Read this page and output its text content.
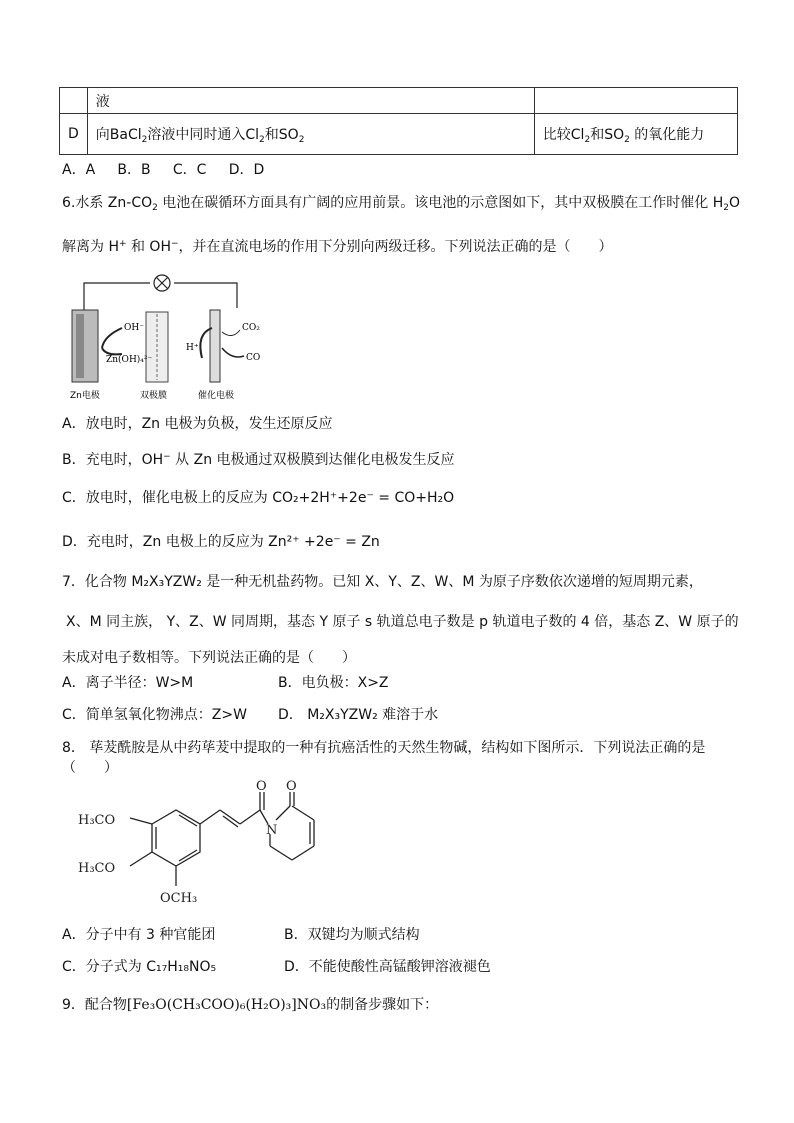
	液	
D	向BaCl$_2$溶液中同时通入$Cl_2$和$SO_2$	比较$Cl_2$和$SO_2$ 的氧化能力
A．A B．B C．C D．D
6.水系 $Zn-CO_2$ 电池在碳循环方面具有广阔的应用前景。该电池的示意图如下，其中双极膜在工作时催化 $H_2O$
解离为 H+ 和 OH−，并在直流电场的作用下分别向两级迁移。下列说法正确的是（　　）
OH⁻
Zn(OH)₄²⁻
H⁺
CO₂
CO
Zn电极	双极膜	催化电极
A．放电时，Zn 电极为负极，发生还原反应
B．充电时，OH− 从 Zn 电极通过双极膜到达催化电极发生反应
C．放电时，催化电极上的反应为 CO₂+2H⁺+2e⁻ = CO+H₂O
D．充电时，Zn 电极上的反应为 Zn²⁺ +2e⁻ = Zn
7．化合物 M₂X₃YZW₂ 是一种无机盐药物。已知 X、Y、Z、W、M 为原子序数依次递增的短周期元素，
X、M 同主族， Y、Z、W 同周期，基态 Y 原子 s 轨道总电子数是 p 轨道电子数的 4 倍，基态 Z、W 原子的
未成对电子数相等。下列说法正确的是（　　）
A．离子半径：W>M	B．电负极：X>Z
C．简单氢氧化物沸点：Z>W D． M₂X₃YZW₂ 难溶于水
8． 荜茇酰胺是从中药荜茇中提取的一种有抗癌活性的天然生物碱，结构如下图所示．下列说法正确的是
（　　）
H₃CO
H₃CO
OCH₃
O O
N
A．分子中有 3 种官能团	B．双键均为顺式结构
C．分子式为 C₁₇H₁₈NO₅	D．不能使酸性高锰酸钾溶液褪色
9．配合物[Fe₃O(CH₃COO)₆(H₂O)₃]NO₃的制备步骤如下：
